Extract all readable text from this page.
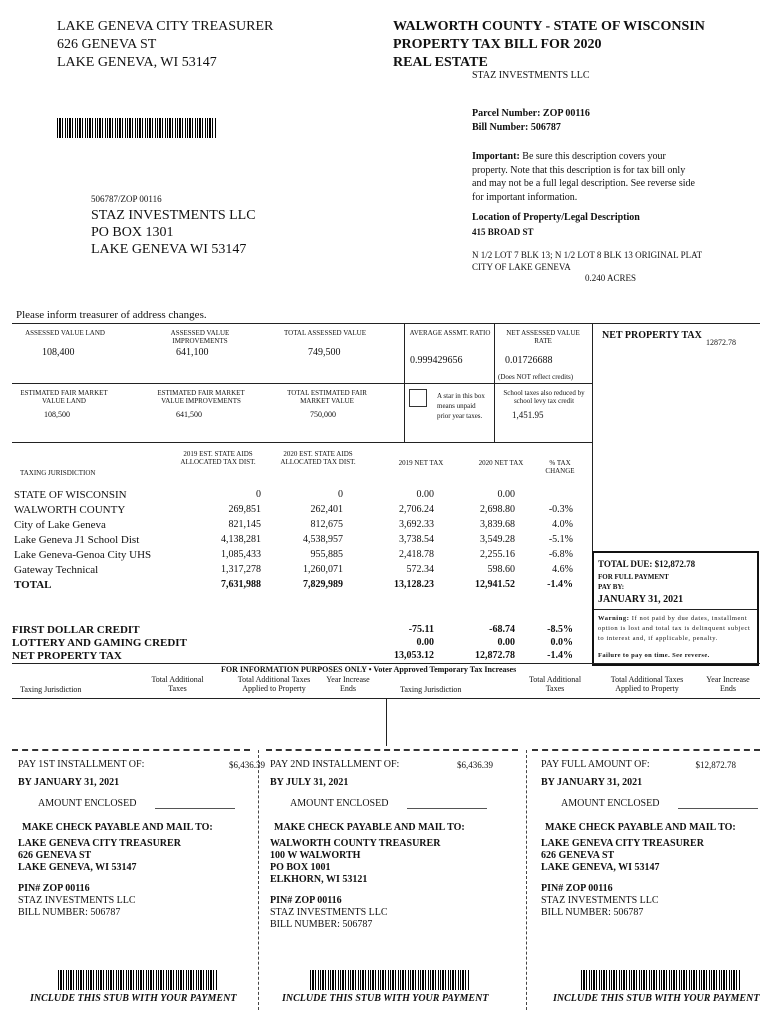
LAKE GENEVA CITY TREASURER
626 GENEVA ST
LAKE GENEVA, WI 53147
WALWORTH COUNTY - STATE OF WISCONSIN
PROPERTY TAX BILL FOR 2020
REAL ESTATE
STAZ INVESTMENTS LLC
Parcel Number: ZOP 00116
Bill Number: 506787
Important: Be sure this description covers your property. Note that this description is for tax bill only and may not be a full legal description. See reverse side for important information.
Location of Property/Legal Description
415 BROAD ST
N 1/2 LOT 7 BLK 13; N 1/2 LOT 8 BLK 13 ORIGINAL PLAT
CITY OF LAKE GENEVA
0.240 ACRES
506787/ZOP 00116
STAZ INVESTMENTS LLC
PO BOX 1301
LAKE GENEVA WI 53147
Please inform treasurer of address changes.
ASSESSED VALUE LAND
108,400
ASSESSED VALUE IMPROVEMENTS
641,100
TOTAL ASSESSED VALUE
749,500
AVERAGE ASSMT. RATIO
0.999429656
NET ASSESSED VALUE RATE
0.01726688
(Does NOT reflect credits)
NET PROPERTY TAX
12872.78
ESTIMATED FAIR MARKET VALUE LAND
108,500
ESTIMATED FAIR MARKET VALUE IMPROVEMENTS
641,500
TOTAL ESTIMATED FAIR MARKET VALUE
750,000
A star in this box means unpaid prior year taxes.
School taxes also reduced by school levy tax credit
1,451.95
TAXING JURISDICTION
2019 EST. STATE AIDS ALLOCATED TAX DIST.
2020 EST. STATE AIDS ALLOCATED TAX DIST.	2019 NET TAX	2020 NET TAX	% TAX CHANGE
STATE OF WISCONSIN	0	0	0.00	0.00
WALWORTH COUNTY	269,851	262,401	2,706.24	2,698.80	-0.3%
City of Lake Geneva	821,145	812,675	3,692.33	3,839.68	4.0%
Lake Geneva J1 School Dist	4,138,281	4,538,957	3,738.54	3,549.28	-5.1%
Lake Geneva-Genoa City UHS	1,085,433	955,885	2,418.78	2,255.16	-6.8%
Gateway Technical	1,317,278	1,260,071	572.34	598.60	4.6%
TOTAL	7,631,988	7,829,989	13,128.23	12,941.52	-1.4%
FIRST DOLLAR CREDIT	-75.11	-68.74	-8.5%
LOTTERY AND GAMING CREDIT	0.00	0.00	0.0%
NET PROPERTY TAX	13,053.12	12,872.78	-1.4%
TOTAL DUE: $12,872.78
FOR FULL PAYMENT
PAY BY:
JANUARY 31, 2021
Warning: If not paid by due dates, installment option is lost and total tax is delinquent subject to interest and, if applicable, penalty.
Failure to pay on time. See reverse.
FOR INFORMATION PURPOSES ONLY • Voter Approved Temporary Tax Increases
Taxing Jurisdiction
Total Additional Taxes
Total Additional Taxes Applied to Property
Year Increase Ends	Taxing Jurisdiction
Total Additional Taxes
Total Additional Taxes Applied to Property
Year Increase Ends
PAY 1ST INSTALLMENT OF:	$6,436.39
BY JANUARY 31, 2021
AMOUNT ENCLOSED
MAKE CHECK PAYABLE AND MAIL TO:
LAKE GENEVA CITY TREASURER
626 GENEVA ST
LAKE GENEVA, WI 53147
PIN# ZOP 00116
STAZ INVESTMENTS LLC
BILL NUMBER: 506787
INCLUDE THIS STUB WITH YOUR PAYMENT
PAY 2ND INSTALLMENT OF:	$6,436.39
BY JULY 31, 2021
AMOUNT ENCLOSED
MAKE CHECK PAYABLE AND MAIL TO:
WALWORTH COUNTY TREASURER
100 W WALWORTH
PO BOX 1001
ELKHORN, WI 53121
PIN# ZOP 00116
STAZ INVESTMENTS LLC
BILL NUMBER: 506787
INCLUDE THIS STUB WITH YOUR PAYMENT
PAY FULL AMOUNT OF:	$12,872.78
BY JANUARY 31, 2021
AMOUNT ENCLOSED
MAKE CHECK PAYABLE AND MAIL TO:
LAKE GENEVA CITY TREASURER
626 GENEVA ST
LAKE GENEVA, WI 53147
PIN# ZOP 00116
STAZ INVESTMENTS LLC
BILL NUMBER: 506787
INCLUDE THIS STUB WITH YOUR PAYMENT
